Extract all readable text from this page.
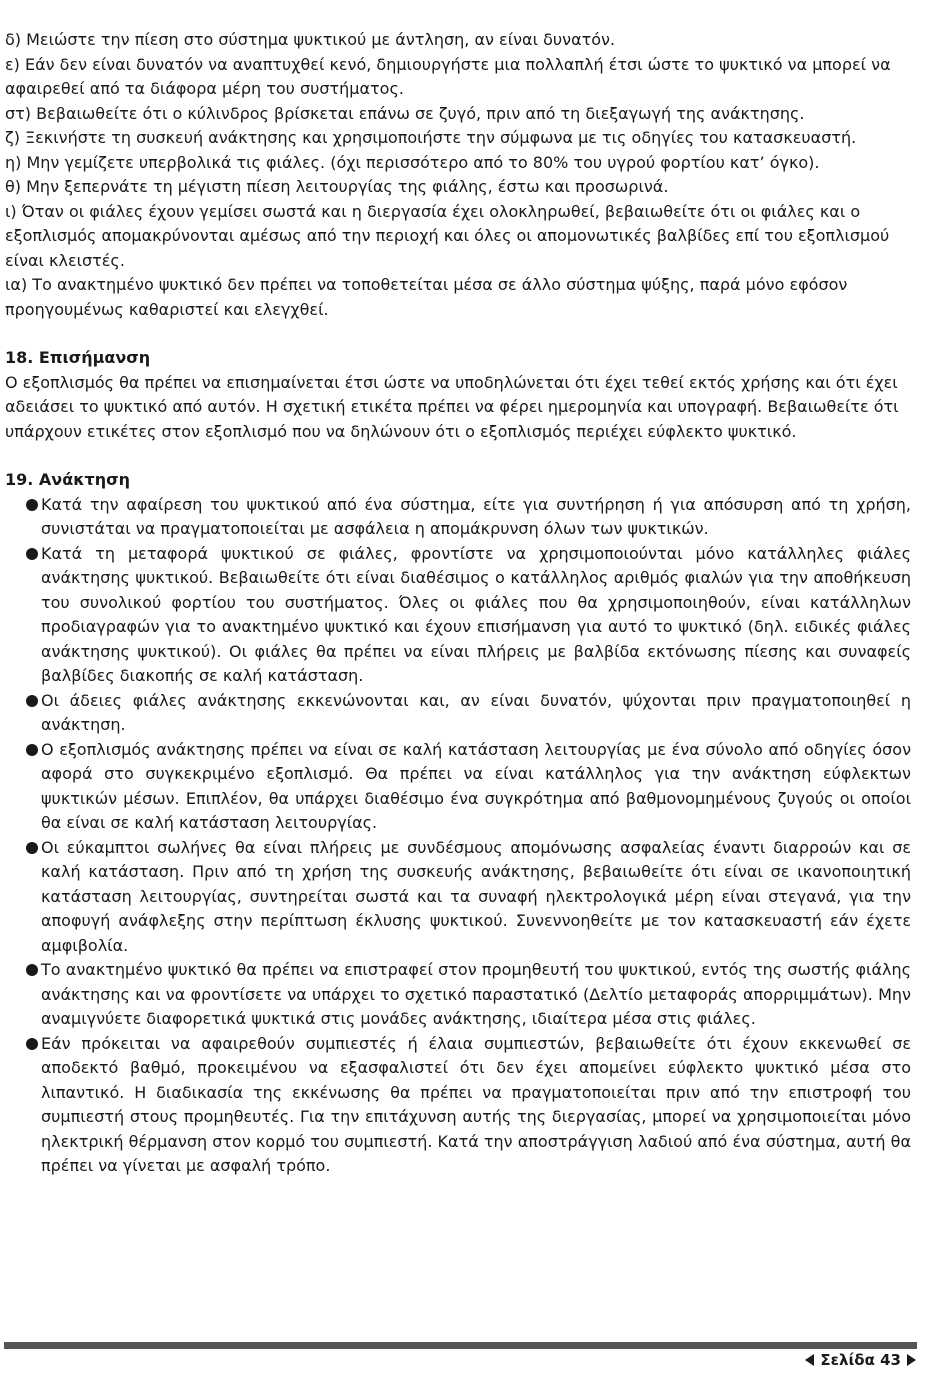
δ) Μειώστε την πίεση στο σύστημα ψυκτικού με άντληση, αν είναι δυνατόν.

ε) Εάν δεν είναι δυνατόν να αναπτυχθεί κενό, δημιουργήστε μια πολλαπλή έτσι ώστε το ψυκτικό να μπορεί να αφαιρεθεί από τα διάφορα μέρη του συστήματος.

στ) Βεβαιωθείτε ότι ο κύλινδρος βρίσκεται επάνω σε ζυγό, πριν από τη διεξαγωγή της ανάκτησης.

ζ) Ξεκινήστε τη συσκευή ανάκτησης και χρησιμοποιήστε την σύμφωνα με τις οδηγίες του κατασκευαστή.

η) Μην γεμίζετε υπερβολικά τις φιάλες. (όχι περισσότερο από το 80% του υγρού φορτίου κατ’ όγκο).

θ) Μην ξεπερνάτε τη μέγιστη πίεση λειτουργίας της φιάλης, έστω και προσωρινά.

ι) Όταν οι φιάλες έχουν γεμίσει σωστά και η διεργασία έχει ολοκληρωθεί, βεβαιωθείτε ότι οι φιάλες και ο εξοπλισμός απομακρύνονται αμέσως από την περιοχή και όλες οι απομονωτικές βαλβίδες επί του εξοπλισμού είναι κλειστές.

ια) Το ανακτημένο ψυκτικό δεν πρέπει να τοποθετείται μέσα σε άλλο σύστημα ψύξης, παρά μόνο εφόσον προηγουμένως καθαριστεί και ελεγχθεί.

18. Επισήμανση

Ο εξοπλισμός θα πρέπει να επισημαίνεται έτσι ώστε να υποδηλώνεται ότι έχει τεθεί εκτός χρήσης και ότι έχει αδειάσει το ψυκτικό από αυτόν. Η σχετική ετικέτα πρέπει να φέρει ημερομηνία και υπογραφή. Βεβαιωθείτε ότι υπάρχουν ετικέτες στον εξοπλισμό που να δηλώνουν ότι ο εξοπλισμός περιέχει εύφλεκτο ψυκτικό.

19. Ανάκτηση
Κατά την αφαίρεση του ψυκτικού από ένα σύστημα, είτε για συντήρηση ή για απόσυρση από τη χρήση, συνιστάται να πραγματοποιείται με ασφάλεια η απομάκρυνση όλων των ψυκτικών.
Κατά τη μεταφορά ψυκτικού σε φιάλες, φροντίστε να χρησιμοποιούνται μόνο κατάλληλες φιάλες ανάκτησης ψυκτικού. Βεβαιωθείτε ότι είναι διαθέσιμος ο κατάλληλος αριθμός φιαλών για την αποθήκευση του συνολικού φορτίου του συστήματος. Όλες οι φιάλες που θα χρησιμοποιηθούν, είναι κατάλληλων προδιαγραφών για το ανακτημένο ψυκτικό και έχουν επισήμανση για αυτό το ψυκτικό (δηλ. ειδικές φιάλες ανάκτησης ψυκτικού). Οι φιάλες θα πρέπει να είναι πλήρεις με βαλβίδα εκτόνωσης πίεσης και συναφείς βαλβίδες διακοπής σε καλή κατάσταση.
Οι άδειες φιάλες ανάκτησης εκκενώνονται και, αν είναι δυνατόν, ψύχονται πριν πραγματοποιηθεί η ανάκτηση.
Ο εξοπλισμός ανάκτησης πρέπει να είναι σε καλή κατάσταση λειτουργίας με ένα σύνολο από οδηγίες όσον αφορά στο συγκεκριμένο εξοπλισμό. Θα πρέπει να είναι κατάλληλος για την ανάκτηση εύφλεκτων ψυκτικών μέσων. Επιπλέον, θα υπάρχει διαθέσιμο ένα συγκρότημα από βαθμονομημένους ζυγούς οι οποίοι θα είναι σε καλή κατάσταση λειτουργίας.
Οι εύκαμπτοι σωλήνες θα είναι πλήρεις με συνδέσμους απομόνωσης ασφαλείας έναντι διαρροών και σε καλή κατάσταση. Πριν από τη χρήση της συσκευής ανάκτησης, βεβαιωθείτε ότι είναι σε ικανοποιητική κατάσταση λειτουργίας, συντηρείται σωστά και τα συναφή ηλεκτρολογικά μέρη είναι στεγανά, για την αποφυγή ανάφλεξης στην περίπτωση έκλυσης ψυκτικού. Συνεννοηθείτε με τον κατασκευαστή εάν έχετε αμφιβολία.
Το ανακτημένο ψυκτικό θα πρέπει να επιστραφεί στον προμηθευτή του ψυκτικού, εντός της σωστής φιάλης ανάκτησης και να φροντίσετε να υπάρχει το σχετικό παραστατικό (Δελτίο μεταφοράς απορριμμάτων). Μην αναμιγνύετε διαφορετικά ψυκτικά στις μονάδες ανάκτησης, ιδιαίτερα μέσα στις φιάλες.
Εάν πρόκειται να αφαιρεθούν συμπιεστές ή έλαια συμπιεστών, βεβαιωθείτε ότι έχουν εκκενωθεί σε αποδεκτό βαθμό, προκειμένου να εξασφαλιστεί ότι δεν έχει απομείνει εύφλεκτο ψυκτικό μέσα στο λιπαντικό. Η διαδικασία της εκκένωσης θα πρέπει να πραγματοποιείται πριν από την επιστροφή του συμπιεστή στους προμηθευτές. Για την επιτάχυνση αυτής της διεργασίας, μπορεί να χρησιμοποιείται μόνο ηλεκτρική θέρμανση στον κορμό του συμπιεστή. Κατά την αποστράγγιση λαδιού από ένα σύστημα, αυτή θα πρέπει να γίνεται με ασφαλή τρόπο.
Σελίδα 43
